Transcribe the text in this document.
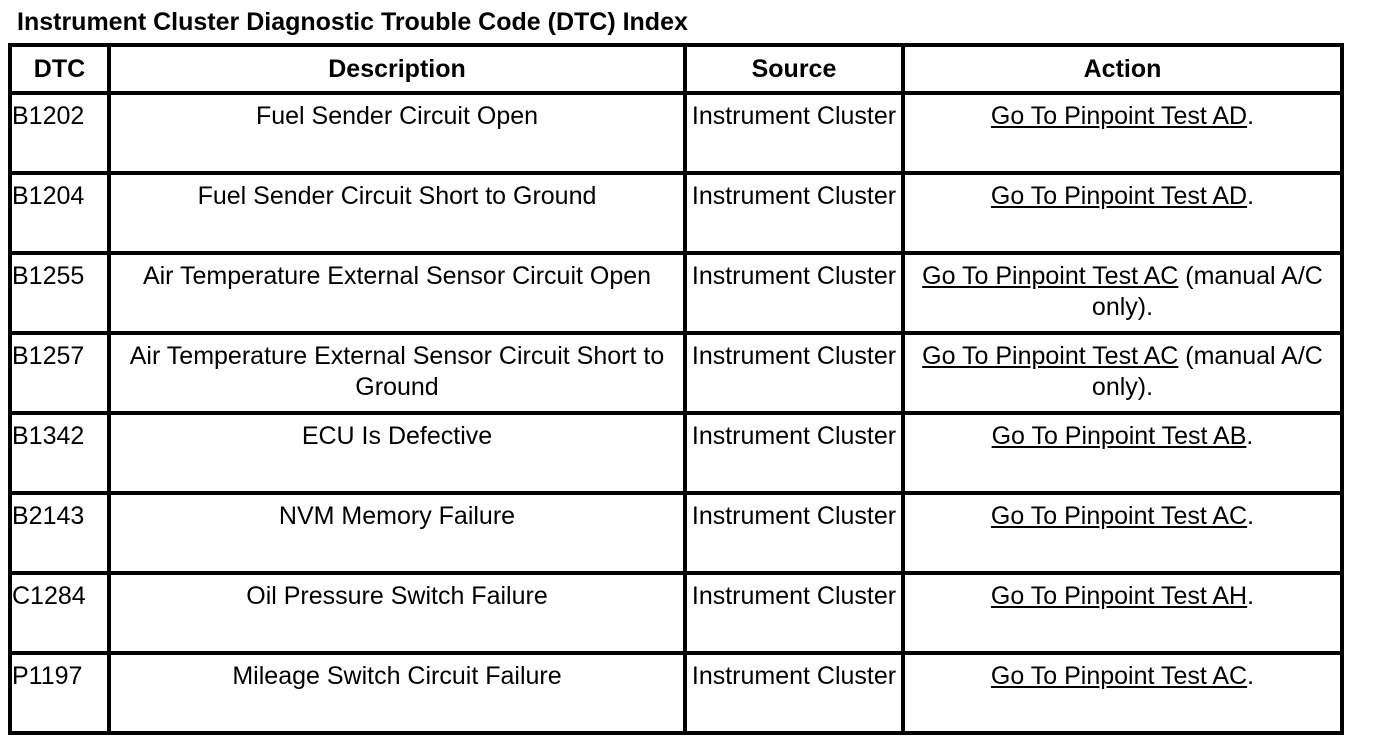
Instrument Cluster Diagnostic Trouble Code (DTC) Index
DTC	Description	Source	Action
B1202	Fuel Sender Circuit Open	Instrument Cluster	Go To Pinpoint Test AD.
B1204	Fuel Sender Circuit Short to Ground	Instrument Cluster	Go To Pinpoint Test AD.
B1255	Air Temperature External Sensor Circuit Open	Instrument Cluster	Go To Pinpoint Test AC (manual A/C only).
B1257	Air Temperature External Sensor Circuit Short to Ground	Instrument Cluster	Go To Pinpoint Test AC (manual A/C only).
B1342	ECU Is Defective	Instrument Cluster	Go To Pinpoint Test AB.
B2143	NVM Memory Failure	Instrument Cluster	Go To Pinpoint Test AC.
C1284	Oil Pressure Switch Failure	Instrument Cluster	Go To Pinpoint Test AH.
P1197	Mileage Switch Circuit Failure	Instrument Cluster	Go To Pinpoint Test AC.
